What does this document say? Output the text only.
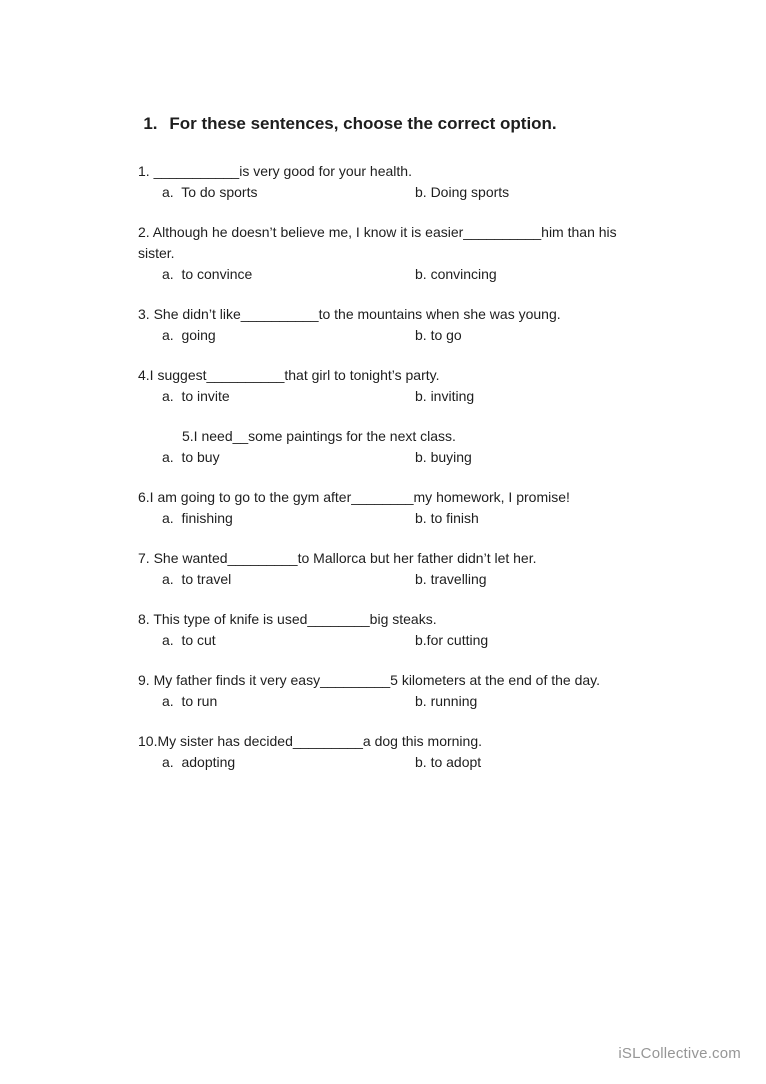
1. For these sentences, choose the correct option.

1. ___________is very good for your health.
a.  To do sports	b. Doing sports
2. Although he doesn’t believe me, I know it is easier__________him than his
sister.
a.  to convince	b. convincing
3. She didn’t like__________to the mountains when she was young.
a.  going	b. to go
4.I suggest__________that girl to tonight’s party.
a.  to invite	b. inviting
5.I need__some paintings for the next class.
a.  to buy	b. buying
6.I am going to go to the gym after________my homework, I promise!
a.  finishing	b. to finish
7. She wanted_________to Mallorca but her father didn’t let her.
a.  to travel	b. travelling
8. This type of knife is used________big steaks.
a.  to cut	b.for cutting
9. My father finds it very easy_________5 kilometers at the end of the day.
a.  to run	b. running
10.My sister has decided_________a dog this morning.
a.  adopting	b. to adopt
iSLCollective.com
